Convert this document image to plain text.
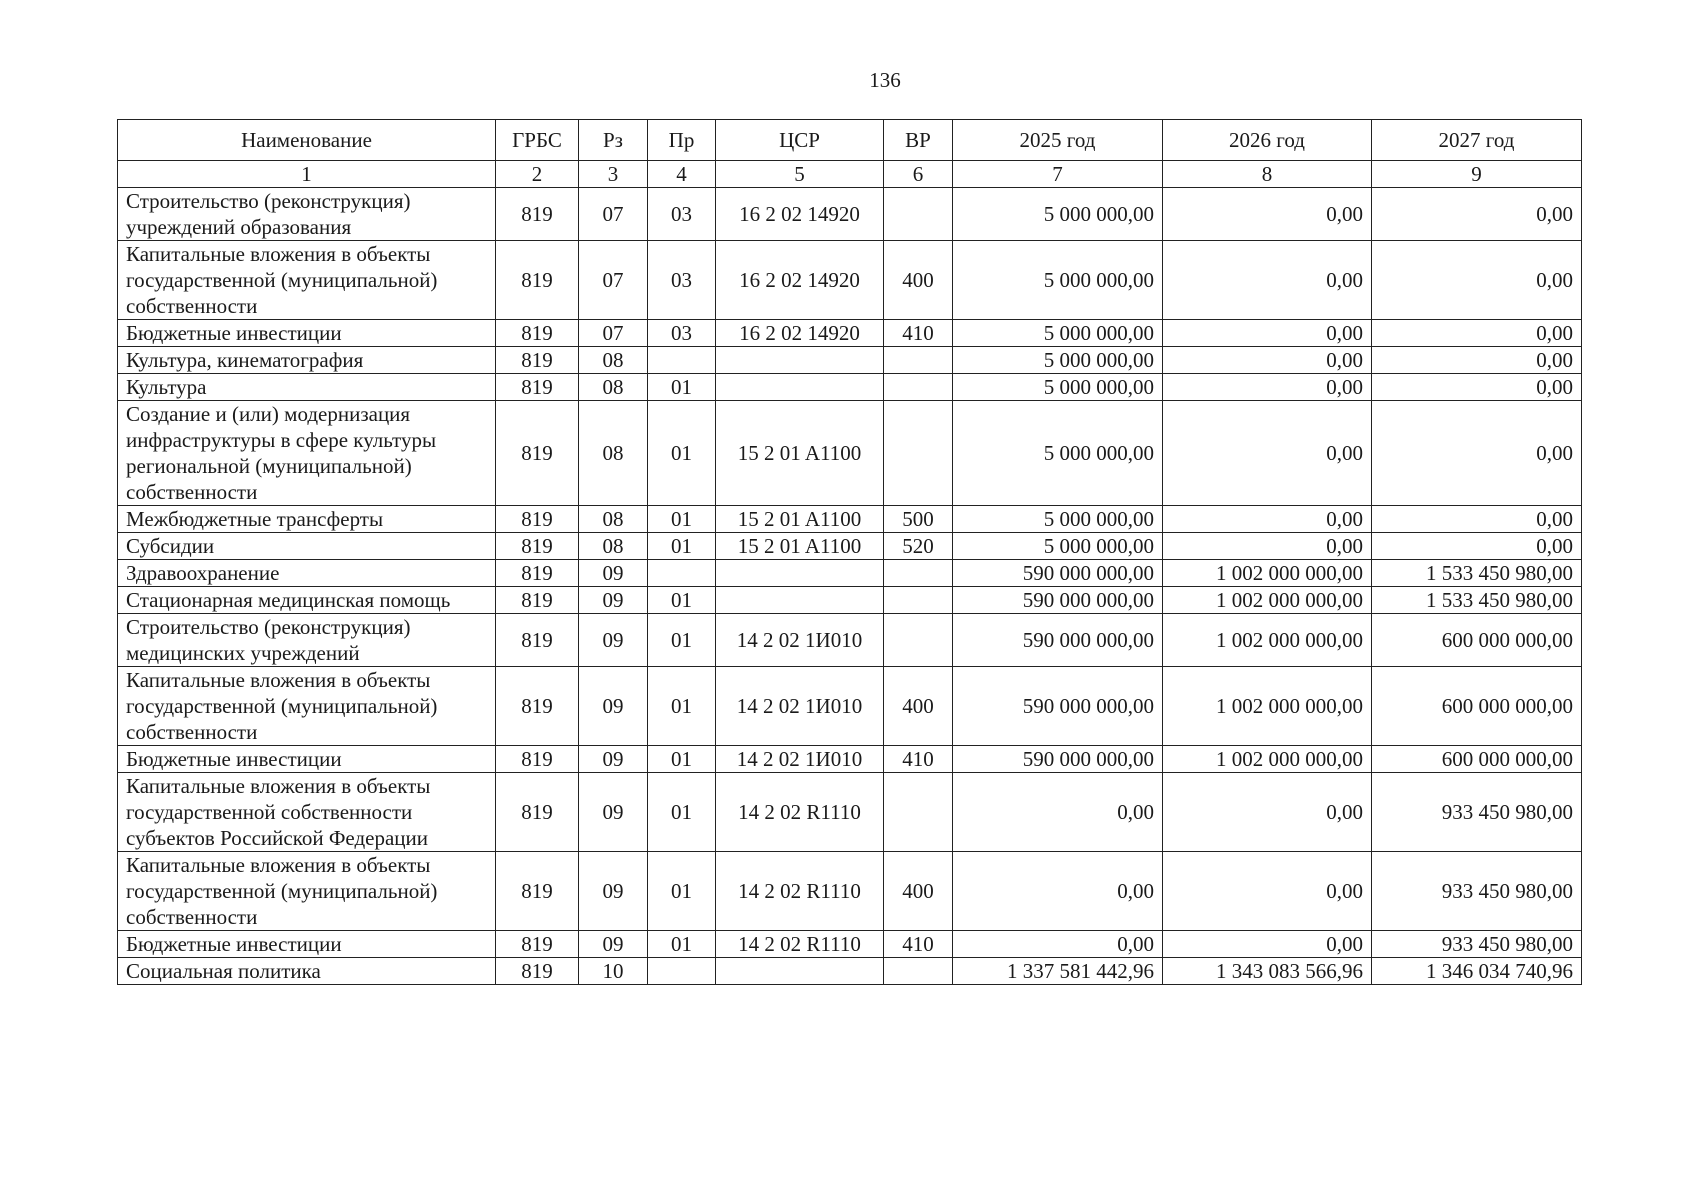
136
Наименование	ГРБС	Рз	Пр	ЦСР	ВР	2025 год	2026 год	2027 год
1	2	3	4	5	6	7	8	9
Строительство (реконструкция) учреждений образования	819	07	03	16 2 02 14920		5 000 000,00	0,00	0,00
Капитальные вложения в объекты государственной (муниципальной) собственности	819	07	03	16 2 02 14920	400	5 000 000,00	0,00	0,00
Бюджетные инвестиции	819	07	03	16 2 02 14920	410	5 000 000,00	0,00	0,00
Культура, кинематография	819	08				5 000 000,00	0,00	0,00
Культура	819	08	01			5 000 000,00	0,00	0,00
Создание и (или) модернизация инфраструктуры в сфере культуры региональной (муниципальной) собственности	819	08	01	15 2 01 A1100		5 000 000,00	0,00	0,00
Межбюджетные трансферты	819	08	01	15 2 01 A1100	500	5 000 000,00	0,00	0,00
Субсидии	819	08	01	15 2 01 A1100	520	5 000 000,00	0,00	0,00
Здравоохранение	819	09				590 000 000,00	1 002 000 000,00	1 533 450 980,00
Стационарная медицинская помощь	819	09	01			590 000 000,00	1 002 000 000,00	1 533 450 980,00
Строительство (реконструкция) медицинских учреждений	819	09	01	14 2 02 1И010		590 000 000,00	1 002 000 000,00	600 000 000,00
Капитальные вложения в объекты государственной (муниципальной) собственности	819	09	01	14 2 02 1И010	400	590 000 000,00	1 002 000 000,00	600 000 000,00
Бюджетные инвестиции	819	09	01	14 2 02 1И010	410	590 000 000,00	1 002 000 000,00	600 000 000,00
Капитальные вложения в объекты государственной собственности субъектов Российской Федерации	819	09	01	14 2 02 R1110		0,00	0,00	933 450 980,00
Капитальные вложения в объекты государственной (муниципальной) собственности	819	09	01	14 2 02 R1110	400	0,00	0,00	933 450 980,00
Бюджетные инвестиции	819	09	01	14 2 02 R1110	410	0,00	0,00	933 450 980,00
Социальная политика	819	10				1 337 581 442,96	1 343 083 566,96	1 346 034 740,96
